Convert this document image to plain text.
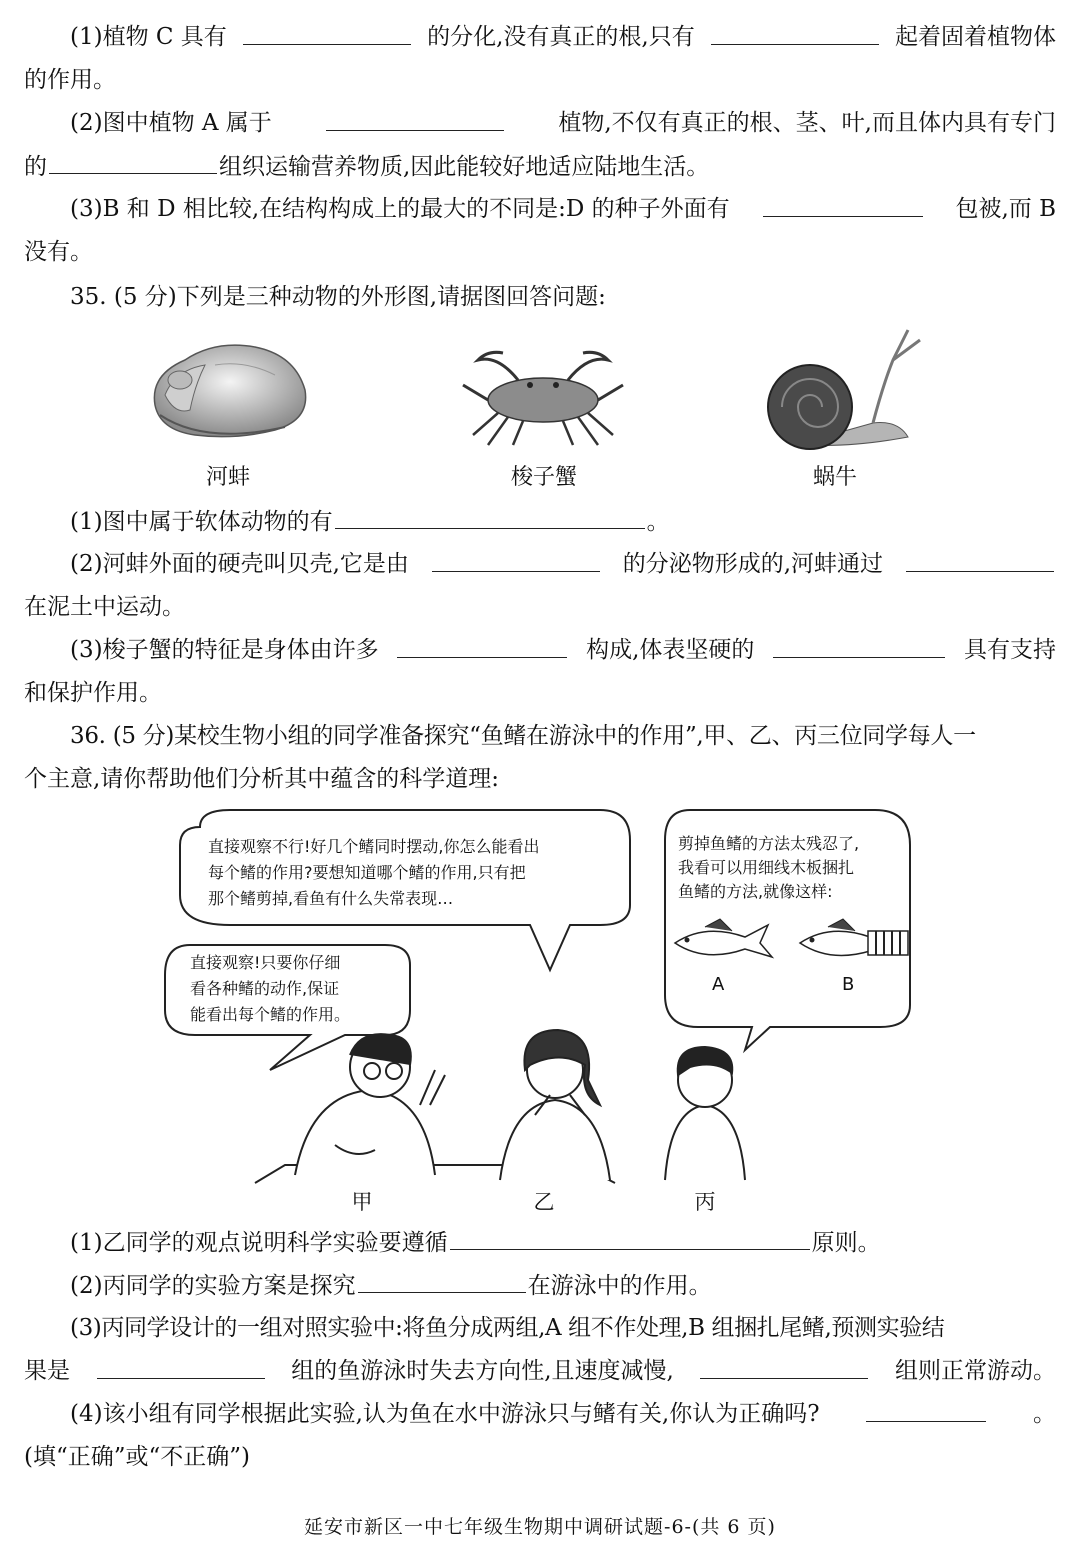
(1)植物 C 具有	的分化,没有真正的根,只有	起着固着植物体
的作用。
(2)图中植物 A 属于	植物,不仅有真正的根、茎、叶,而且体内具有专门
的	组织运输营养物质,因此能较好地适应陆地生活。
(3)B 和 D 相比较,在结构构成上的最大的不同是:D 的种子外面有	包被,而 B
没有。
35. (5 分)下列是三种动物的外形图,请据图回答问题:
河蚌	梭子蟹	蜗牛
(1)图中属于软体动物的有	。
(2)河蚌外面的硬壳叫贝壳,它是由	的分泌物形成的,河蚌通过
在泥土中运动。
(3)梭子蟹的特征是身体由许多	构成,体表坚硬的	具有支持
和保护作用。
36. (5 分)某校生物小组的同学准备探究“鱼鳍在游泳中的作用”,甲、乙、丙三位同学每人一
个主意,请你帮助他们分析其中蕴含的科学道理:
直接观察不行!好几个鳍同时摆动,你怎么能看出
每个鳍的作用?要想知道哪个鳍的作用,只有把
那个鳍剪掉,看鱼有什么失常表现…
直接观察!只要你仔细
看各种鳍的动作,保证
能看出每个鳍的作用。
剪掉鱼鳍的方法太残忍了,
我看可以用细线木板捆扎
鱼鳍的方法,就像这样:
A	B
甲	乙	丙
(1)乙同学的观点说明科学实验要遵循	原则。
(2)丙同学的实验方案是探究	在游泳中的作用。
(3)丙同学设计的一组对照实验中:将鱼分成两组,A 组不作处理,B 组捆扎尾鳍,预测实验结
果是	组的鱼游泳时失去方向性,且速度减慢,	组则正常游动。
(4)该小组有同学根据此实验,认为鱼在水中游泳只与鳍有关,你认为正确吗?	。
(填“正确”或“不正确”)
延安市新区一中七年级生物期中调研试题-6-(共 6 页)
